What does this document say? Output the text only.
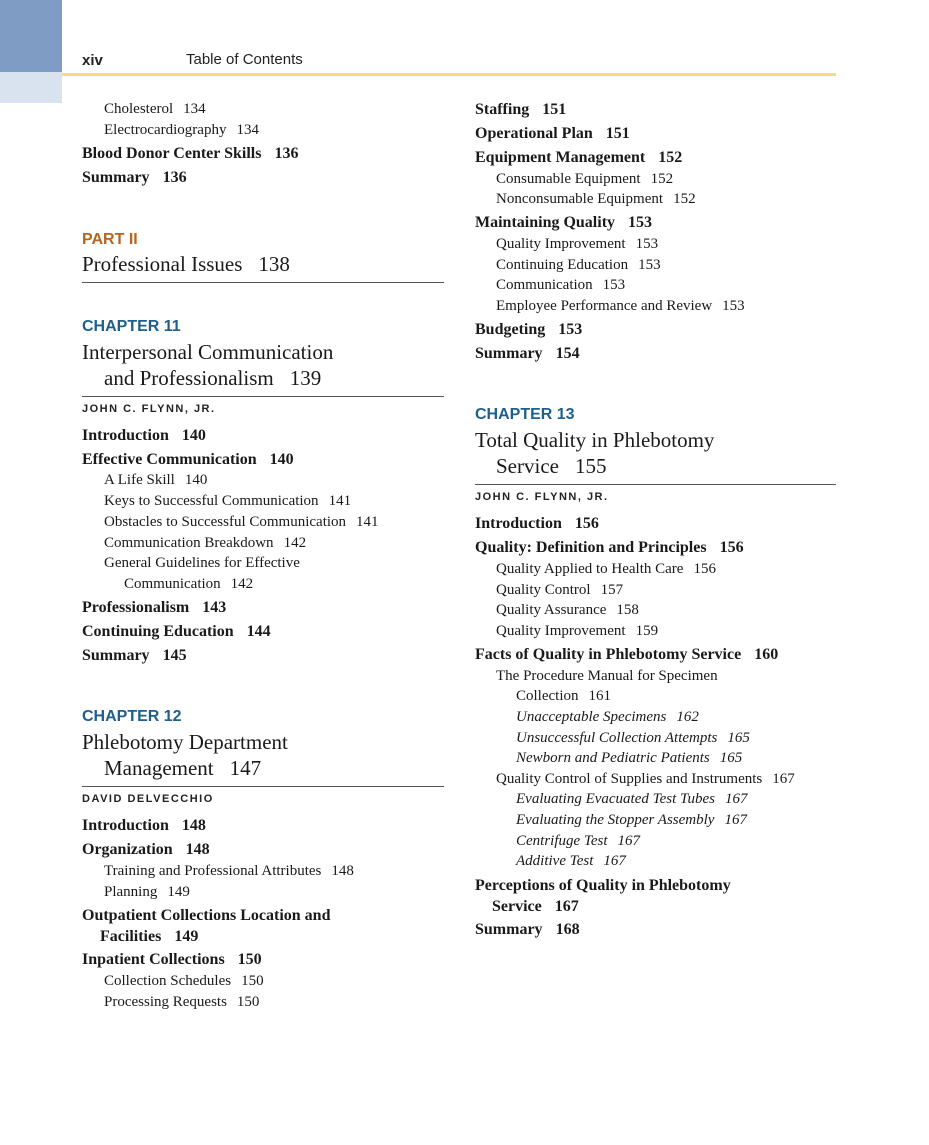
xiv	Table of Contents
Cholesterol 134
Electrocardiography 134
Blood Donor Center Skills 136
Summary 136
PART II
Professional Issues 138
CHAPTER 11
Interpersonal Communication
and Professionalism 139
JOHN C. FLYNN, JR.
Introduction 140
Effective Communication 140
A Life Skill 140
Keys to Successful Communication 141
Obstacles to Successful Communication 141
Communication Breakdown 142
General Guidelines for Effective
Communication 142
Professionalism 143
Continuing Education 144
Summary 145
CHAPTER 12
Phlebotomy Department
Management 147
DAVID DELVECCHIO
Introduction 148
Organization 148
Training and Professional Attributes 148
Planning 149
Outpatient Collections Location and
Facilities 149
Inpatient Collections 150
Collection Schedules 150
Processing Requests 150
Staffing 151
Operational Plan 151
Equipment Management 152
Consumable Equipment 152
Nonconsumable Equipment 152
Maintaining Quality 153
Quality Improvement 153
Continuing Education 153
Communication 153
Employee Performance and Review 153
Budgeting 153
Summary 154
CHAPTER 13
Total Quality in Phlebotomy
Service 155
JOHN C. FLYNN, JR.
Introduction 156
Quality: Definition and Principles 156
Quality Applied to Health Care 156
Quality Control 157
Quality Assurance 158
Quality Improvement 159
Facts of Quality in Phlebotomy Service 160
The Procedure Manual for Specimen
Collection 161
Unacceptable Specimens 162
Unsuccessful Collection Attempts 165
Newborn and Pediatric Patients 165
Quality Control of Supplies and Instruments 167
Evaluating Evacuated Test Tubes 167
Evaluating the Stopper Assembly 167
Centrifuge Test 167
Additive Test 167
Perceptions of Quality in Phlebotomy
Service 167
Summary 168
